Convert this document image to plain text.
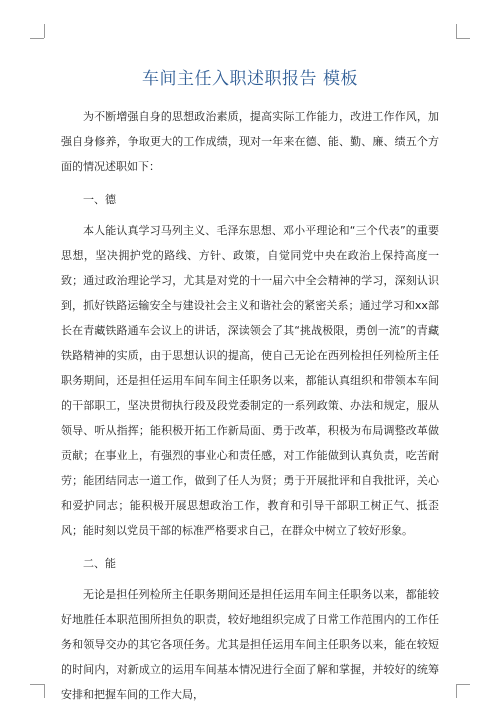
车间主任入职述职报告 模板

为不断增强自身的思想政治素质，提高实际工作能力，改进工作作风，加强自身修养，争取更大的工作成绩，现对一年来在德、能、勤、廉、绩五个方面的情况述职如下：

一、德

本人能认真学习马列主义、毛泽东思想、邓小平理论和“三个代表”的重要思想，坚决拥护党的路线、方针、政策，自觉同党中央在政治上保持高度一致；通过政治理论学习，尤其是对党的十一届六中全会精神的学习，深刻认识到，抓好铁路运输安全与建设社会主义和谐社会的紧密关系；通过学习和xx部长在青藏铁路通车会议上的讲话，深读领会了其“挑战极限，勇创一流”的青藏铁路精神的实质，由于思想认识的提高，使自己无论在西列检担任列检所主任职务期间，还是担任运用车间车间主任职务以来，都能认真组织和带领本车间的干部职工，坚决贯彻执行段及段党委制定的一系列政策、办法和规定，服从领导、听从指挥；能积极开拓工作新局面、勇于改革，积极为布局调整改革做贡献；在事业上，有强烈的事业心和责任感，对工作能做到认真负责，吃苦耐劳；能团结同志一道工作，做到了任人为贤；勇于开展批评和自我批评，关心和爱护同志；能积极开展思想政治工作，教育和引导干部职工树正气、抵歪风；能时刻以党员干部的标准严格要求自己，在群众中树立了较好形象。

二、能

无论是担任列检所主任职务期间还是担任运用车间主任职务以来，都能较好地胜任本职范围所担负的职责，较好地组织完成了日常工作范围内的工作任务和领导交办的其它各项任务。尤其是担任运用车间主任职务以来，能在较短的时间内，对新成立的运用车间基本情况进行全面了解和掌握，并较好的统筹安排和把握车间的工作大局，
